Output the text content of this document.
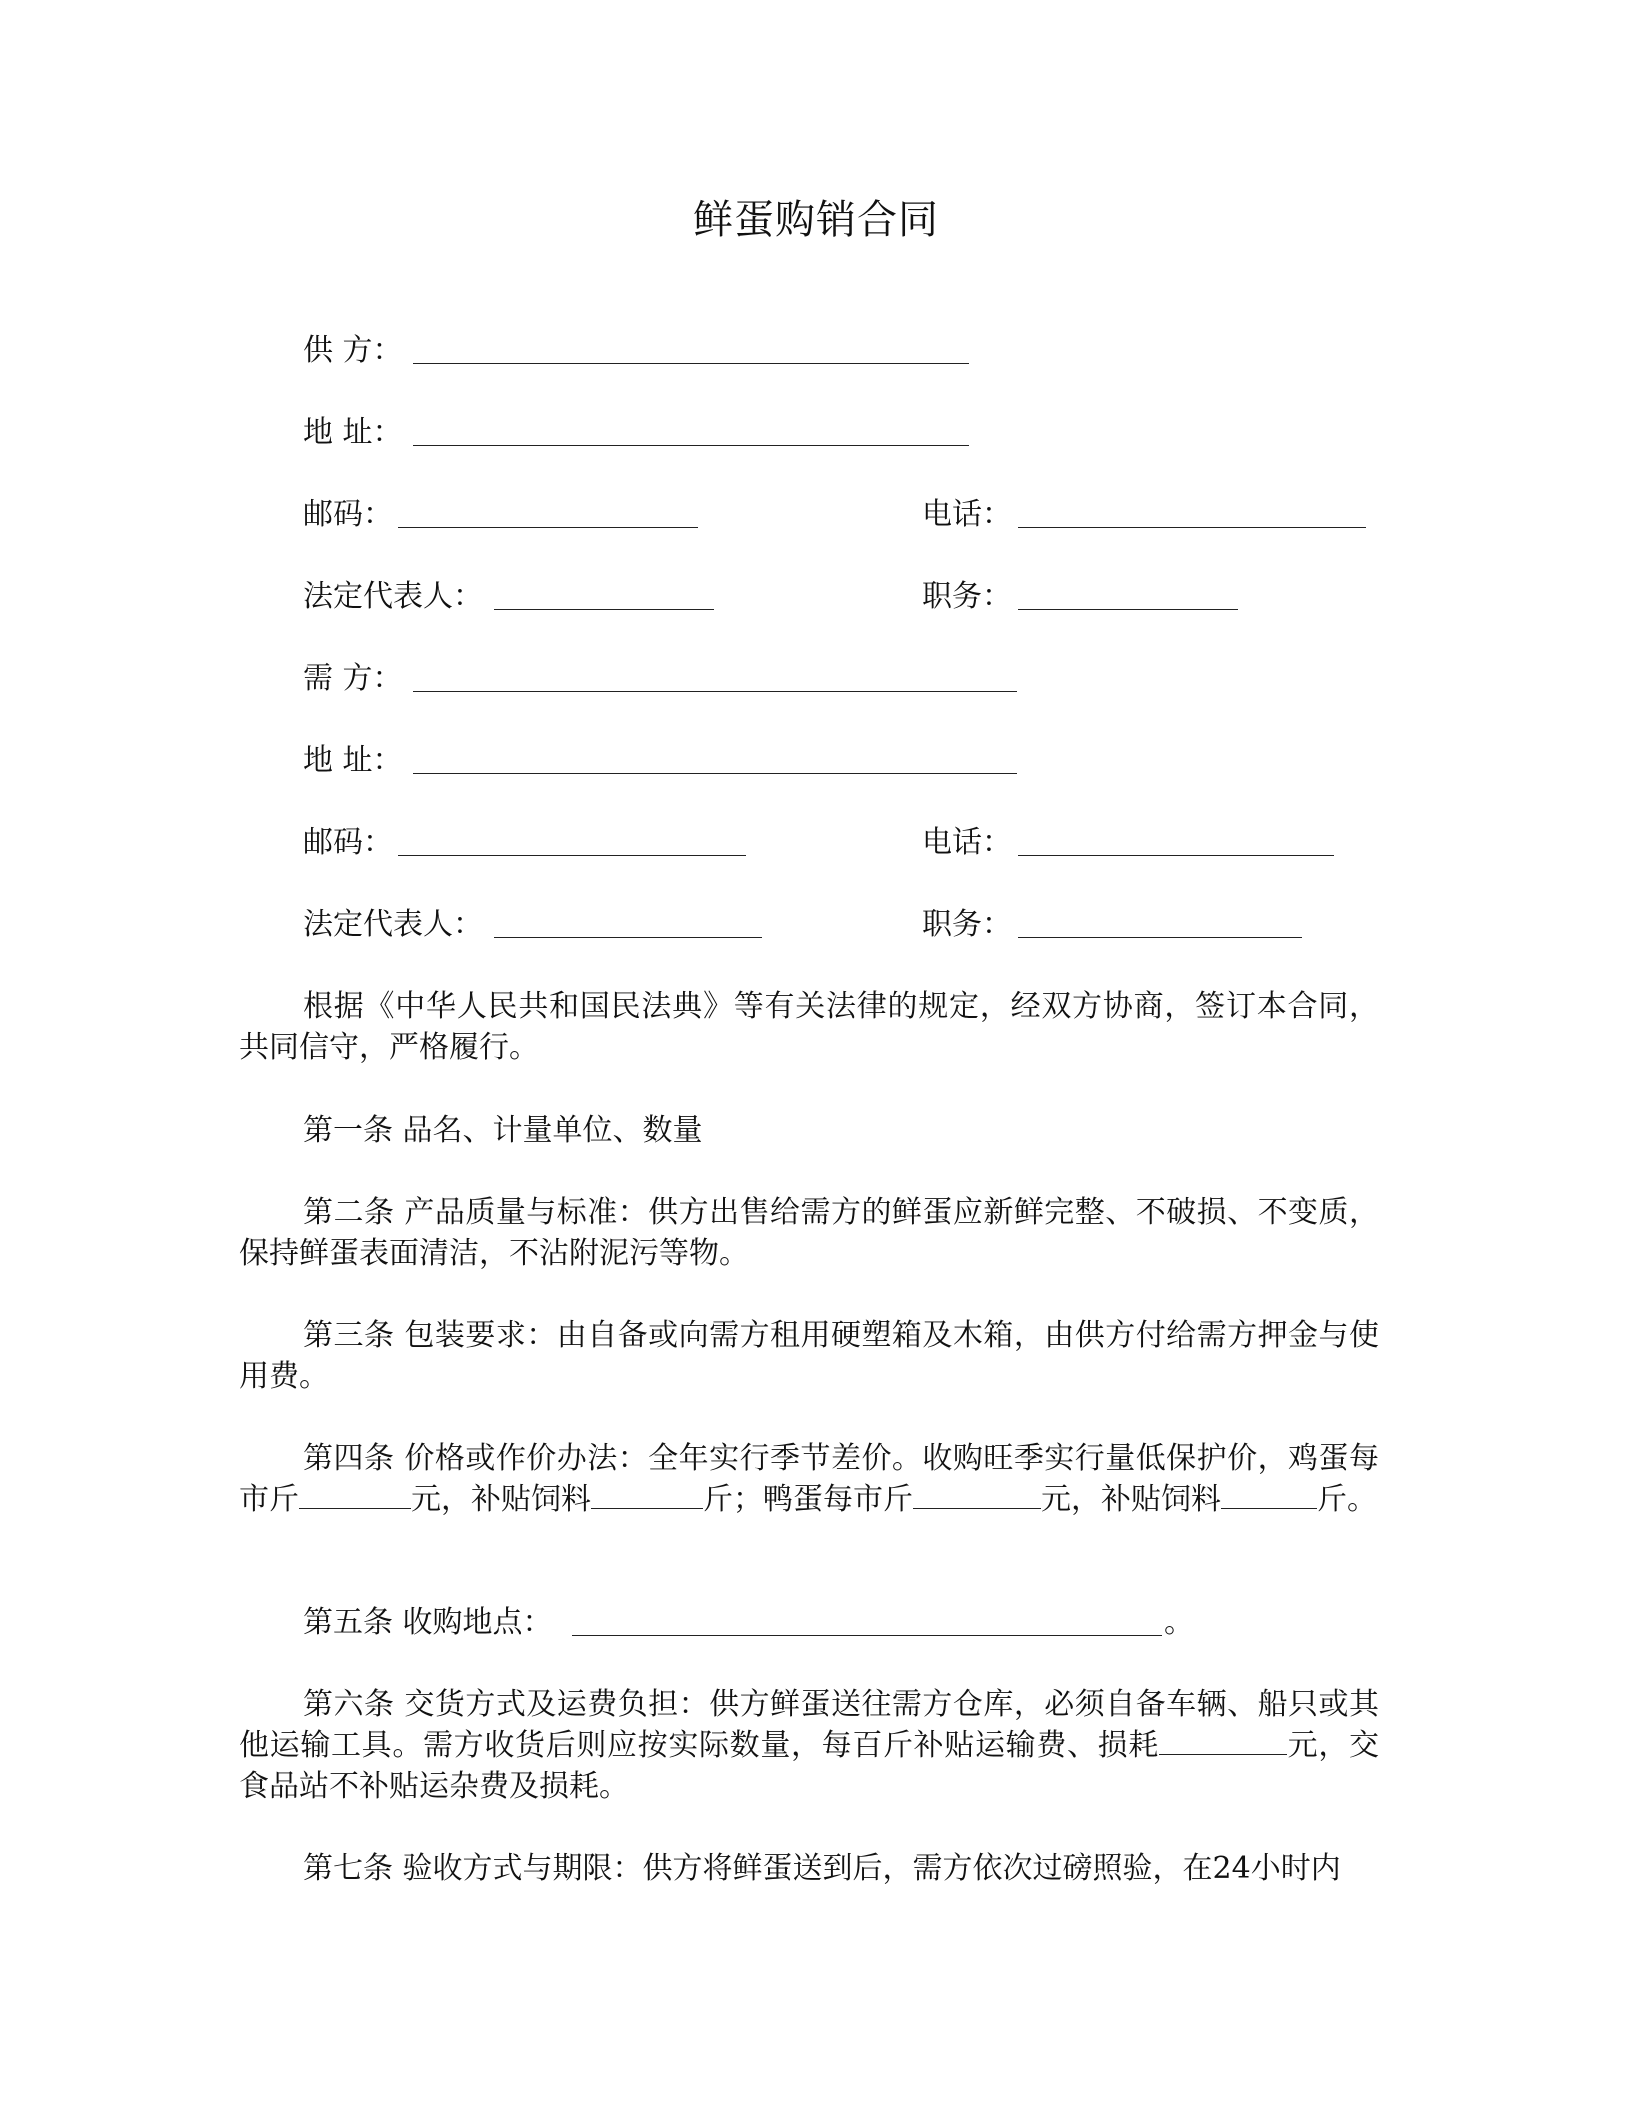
鲜蛋购销合同
供 方：
地 址：
邮码：	电话：
法定代表人：	职务：
需 方：
地 址：
邮码：	电话：
法定代表人：	职务：
根据《中华人民共和国民法典》等有关法律的规定，经双方协商，签订本合同，共同信守，严格履行。
第一条 品名、计量单位、数量
第二条 产品质量与标准：供方出售给需方的鲜蛋应新鲜完整、不破损、不变质，保持鲜蛋表面清洁，不沾附泥污等物。
第三条 包装要求：由自备或向需方租用硬塑箱及木箱，由供方付给需方押金与使用费。
第四条 价格或作价办法：全年实行季节差价。收购旺季实行量低保护价，鸡蛋每市斤	元，补贴饲料	斤；鸭蛋每市斤	元，补贴饲料	斤。
第五条 收购地点：	。
第六条 交货方式及运费负担：供方鲜蛋送往需方仓库，必须自备车辆、船只或其他运输工具。需方收货后则应按实际数量，每百斤补贴运输费、损耗	元，交食品站不补贴运杂费及损耗。
第七条 验收方式与期限：供方将鲜蛋送到后，需方依次过磅照验，在24小时内
